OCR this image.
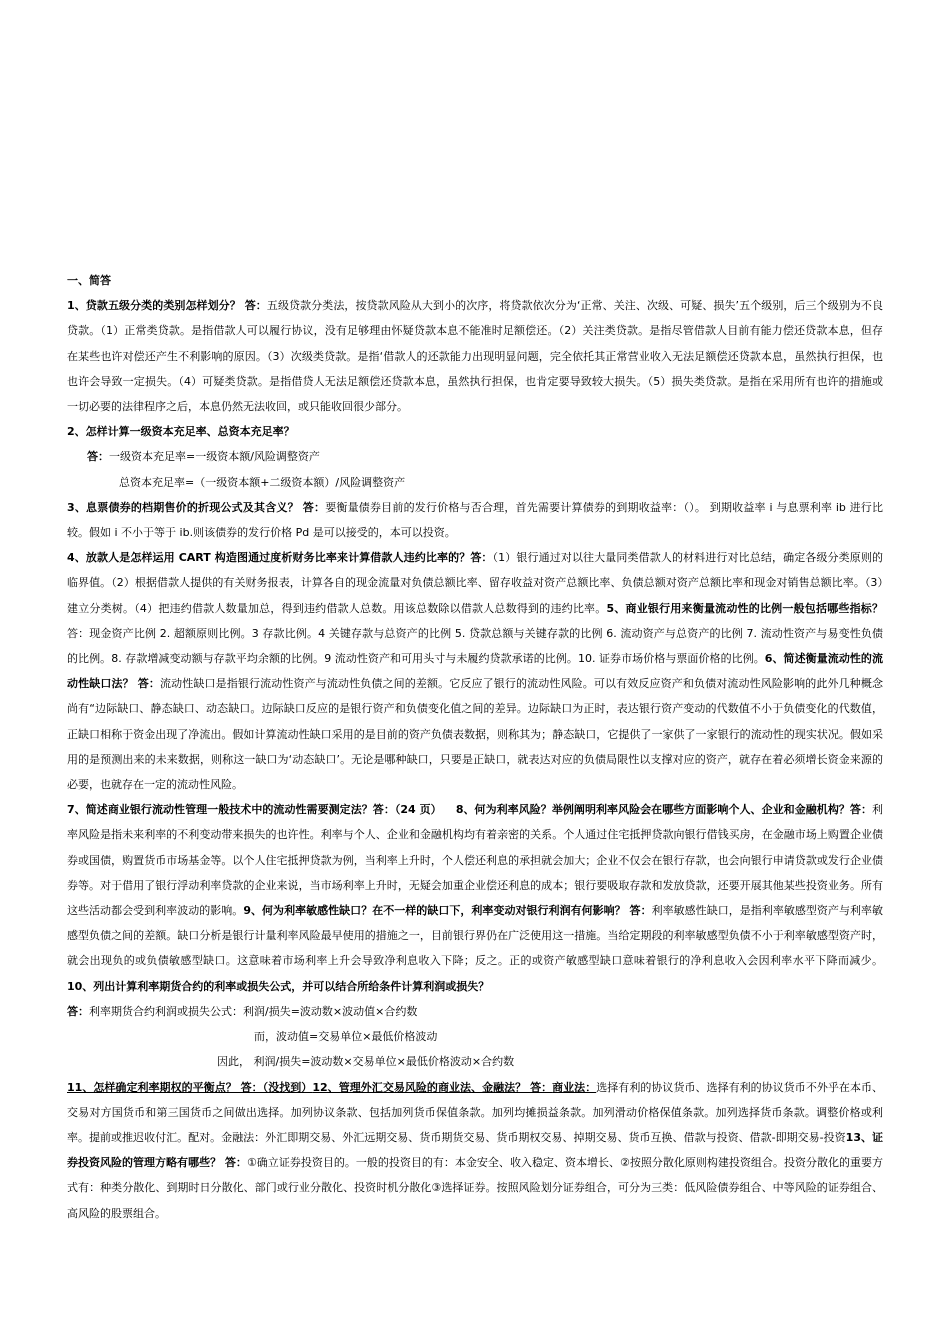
一、简答

1、贷款五级分类的类别怎样划分？ 答：五级贷款分类法，按贷款风险从大到小的次序，将贷款依次分为‘正常、关注、次级、可疑、损失’五个级别，后三个级别为不良贷款。（1）正常类贷款。是指借款人可以履行协议，没有足够理由怀疑贷款本息不能准时足额偿还。（2）关注类贷款。是指尽管借款人目前有能力偿还贷款本息，但存在某些也许对偿还产生不利影响的原因。（3）次级类贷款。是指‘借款人的还款能力出现明显问题，完全依托其正常营业收入无法足额偿还贷款本息，虽然执行担保，也也许会导致一定损失。（4）可疑类贷款。是指借贷人无法足额偿还贷款本息，虽然执行担保，也肯定要导致较大损失。（5）损失类贷款。是指在采用所有也许的措施或一切必要的法律程序之后，本息仍然无法收回，或只能收回很少部分。

2、怎样计算一级资本充足率、总资本充足率？

答：一级资本充足率=一级资本额/风险调整资产

总资本充足率=（一级资本额+二级资本额）/风险调整资产

3、息票债券的档期售价的折现公式及其含义？ 答：要衡量债券目前的发行价格与否合理，首先需要计算债券的到期收益率：（）。 到期收益率 i 与息票利率 ib 进行比较。假如 i 不小于等于 ib.则该债券的发行价格 Pd 是可以接受的，本可以投资。

4、放款人是怎样运用 CART 构造图通过度析财务比率来计算借款人违约比率的？答：（1）银行通过对以往大量同类借款人的材料进行对比总结，确定各级分类原则的临界值。（2）根据借款人提供的有关财务报表，计算各自的现金流量对负债总额比率、留存收益对资产总额比率、负债总额对资产总额比率和现金对销售总额比率。（3）建立分类树。（4）把违约借款人数量加总，得到违约借款人总数。用该总数除以借款人总数得到的违约比率。5、商业银行用来衡量流动性的比例一般包括哪些指标？答：现金资产比例 2. 超额原则比例。3 存款比例。4 关键存款与总资产的比例 5. 贷款总额与关键存款的比例 6. 流动资产与总资产的比例 7. 流动性资产与易变性负债的比例。8. 存款增减变动额与存款平均余额的比例。9 流动性资产和可用头寸与未履约贷款承诺的比例。10. 证券市场价格与票面价格的比例。6、简述衡量流动性的流动性缺口法？ 答：流动性缺口是指银行流动性资产与流动性负债之间的差额。它反应了银行的流动性风险。可以有效反应资产和负债对流动性风险影响的此外几种概念尚有“边际缺口、静态缺口、动态缺口。边际缺口反应的是银行资产和负债变化值之间的差异。边际缺口为正时，表达银行资产变动的代数值不小于负债变化的代数值，正缺口相称于资金出现了净流出。假如计算流动性缺口采用的是目前的资产负债表数据，则称其为；静态缺口，它提供了一家供了一家银行的流动性的现实状况。假如采用的是预测出来的未来数据，则称这一缺口为‘动态缺口’。无论是哪种缺口，只要是正缺口，就表达对应的负债局限性以支撑对应的资产，就存在着必须增长资金来源的必要，也就存在一定的流动性风险。

7、简述商业银行流动性管理一般技术中的流动性需要测定法？答：（24 页） 8、何为利率风险？举例阐明利率风险会在哪些方面影响个人、企业和金融机构？答：利率风险是指未来利率的不利变动带来损失的也许性。利率与个人、企业和金融机构均有着亲密的关系。个人通过住宅抵押贷款向银行借钱买房，在金融市场上购置企业债券或国债，购置货币市场基金等。以个人住宅抵押贷款为例，当利率上升时，个人偿还利息的承担就会加大；企业不仅会在银行存款，也会向银行申请贷款或发行企业债券等。对于借用了银行浮动利率贷款的企业来说，当市场利率上升时，无疑会加重企业偿还利息的成本；银行要吸取存款和发放贷款，还要开展其他某些投资业务。所有这些活动都会受到利率波动的影响。9、何为利率敏感性缺口？在不一样的缺口下，利率变动对银行利润有何影响？ 答：利率敏感性缺口，是指利率敏感型资产与利率敏感型负债之间的差额。缺口分析是银行计量利率风险最早使用的措施之一，目前银行界仍在广泛使用这一措施。当给定期段的利率敏感型负债不小于利率敏感型资产时，就会出现负的或负债敏感型缺口。这意味着市场利率上升会导致净利息收入下降；反之。正的或资产敏感型缺口意味着银行的净利息收入会因利率水平下降而减少。10、列出计算利率期货合约的利率或损失公式，并可以结合所给条件计算利润或损失？

答：利率期货合约利润或损失公式：利润/损失=波动数×波动值×合约数

而，波动值=交易单位×最低价格波动

因此， 利润/损失=波动数×交易单位×最低价格波动×合约数

11、怎样确定利率期权的平衡点？ 答：（没找到）12、管理外汇交易风险的商业法、金融法？ 答：商业法：选择有利的协议货币、选择有利的协议货币不外乎在本币、交易对方国货币和第三国货币之间做出选择。加列协议条款、包括加列货币保值条款。加列均摊损益条款。加列滑动价格保值条款。加列选择货币条款。调整价格或利率。提前或推迟收付汇。配对。金融法：外汇即期交易、外汇远期交易、货币期货交易、货币期权交易、掉期交易、货币互换、借款与投资、借款-即期交易-投资13、证券投资风险的管理方略有哪些？ 答：①确立证券投资目的。一般的投资目的有：本金安全、收入稳定、资本增长、②按照分散化原则构建投资组合。投资分散化的重要方式有：种类分散化、到期时日分散化、部门或行业分散化、投资时机分散化③选择证券。按照风险划分证券组合，可分为三类：低风险债券组合、中等风险的证券组合、高风险的股票组合。
